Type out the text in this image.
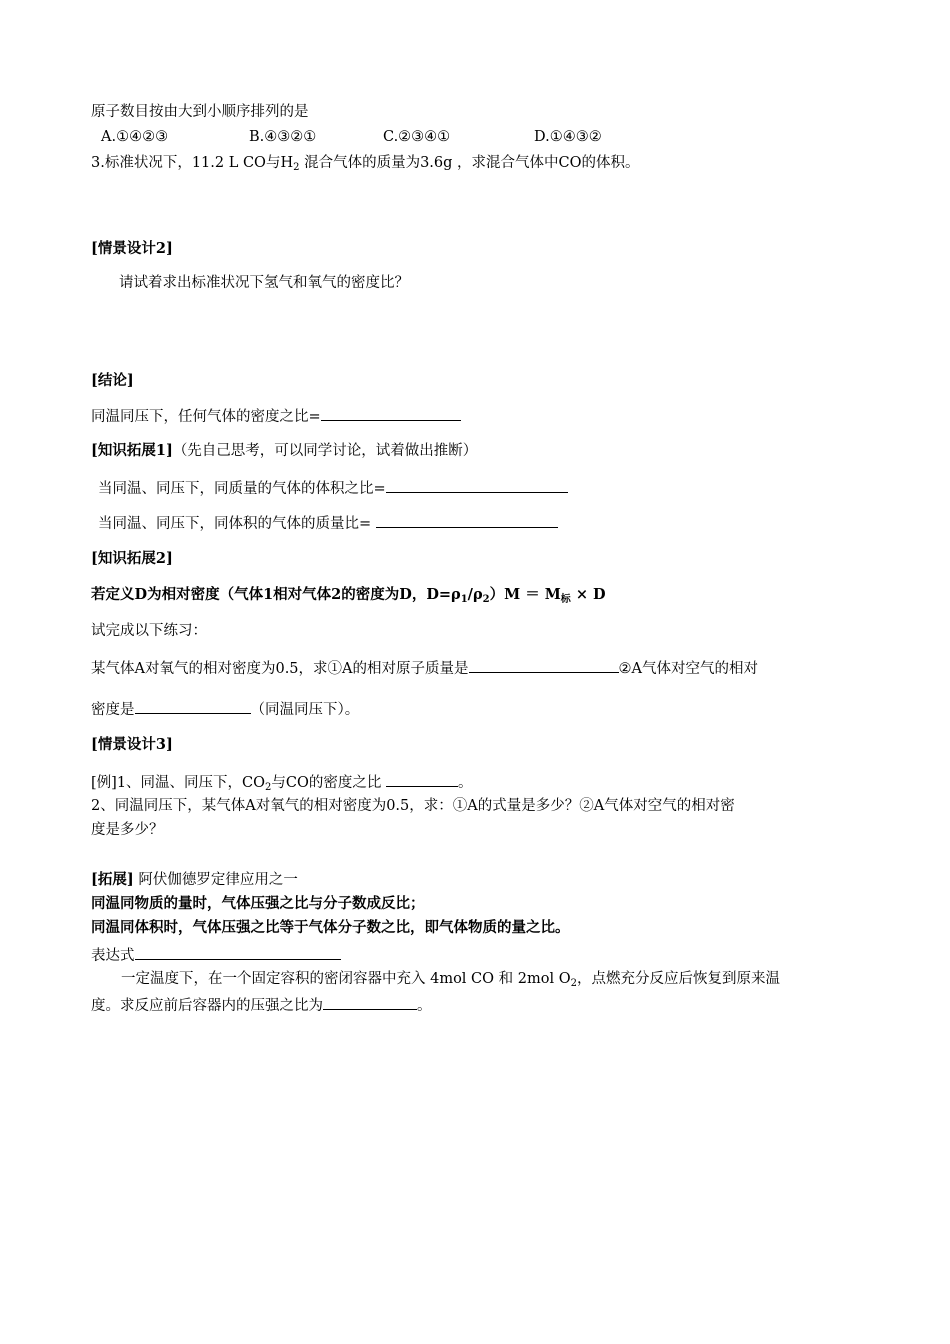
原子数目按由大到小顺序排列的是
A.①④②③	B.④③②①	C.②③④①	D.①④③②
3.标准状况下，11.2 L CO与$H_2$ 混合气体的质量为3.6g ，求混合气体中CO的体积。
[情景设计2]
请试着求出标准状况下氢气和氧气的密度比？
[结论]
同温同压下，任何气体的密度之比=
[知识拓展1]（先自己思考，可以同学讨论，试着做出推断）
当同温、同压下，同质量的气体的体积之比=
当同温、同压下，同体积的气体的质量比=
[知识拓展2]
若定义D为相对密度（气体1相对气体2的密度为D，$D=\rho_1/\rho_2)M = M_标 \times D$
试完成以下练习：
某气体A对氧气的相对密度为0.5，求①A的相对原子质量是	②A气体对空气的相对
密度是	（同温同压下）。
[情景设计3]
[例]1、同温、同压下，$CO_2$与CO的密度之比	。
2、同温同压下，某气体A对氧气的相对密度为0.5，求：①A的式量是多少？②A气体对空气的相对密
度是多少？
[拓展] 阿伏伽德罗定律应用之一
同温同物质的量时，气体压强之比与分子数成反比；
同温同体积时，气体压强之比等于气体分子数之比，即气体物质的量之比。
表达式
一定温度下，在一个固定容积的密闭容器中充入 4mol CO 和 2mol $O_2$，点燃充分反应后恢复到原来温
度。求反应前后容器内的压强之比为	。
